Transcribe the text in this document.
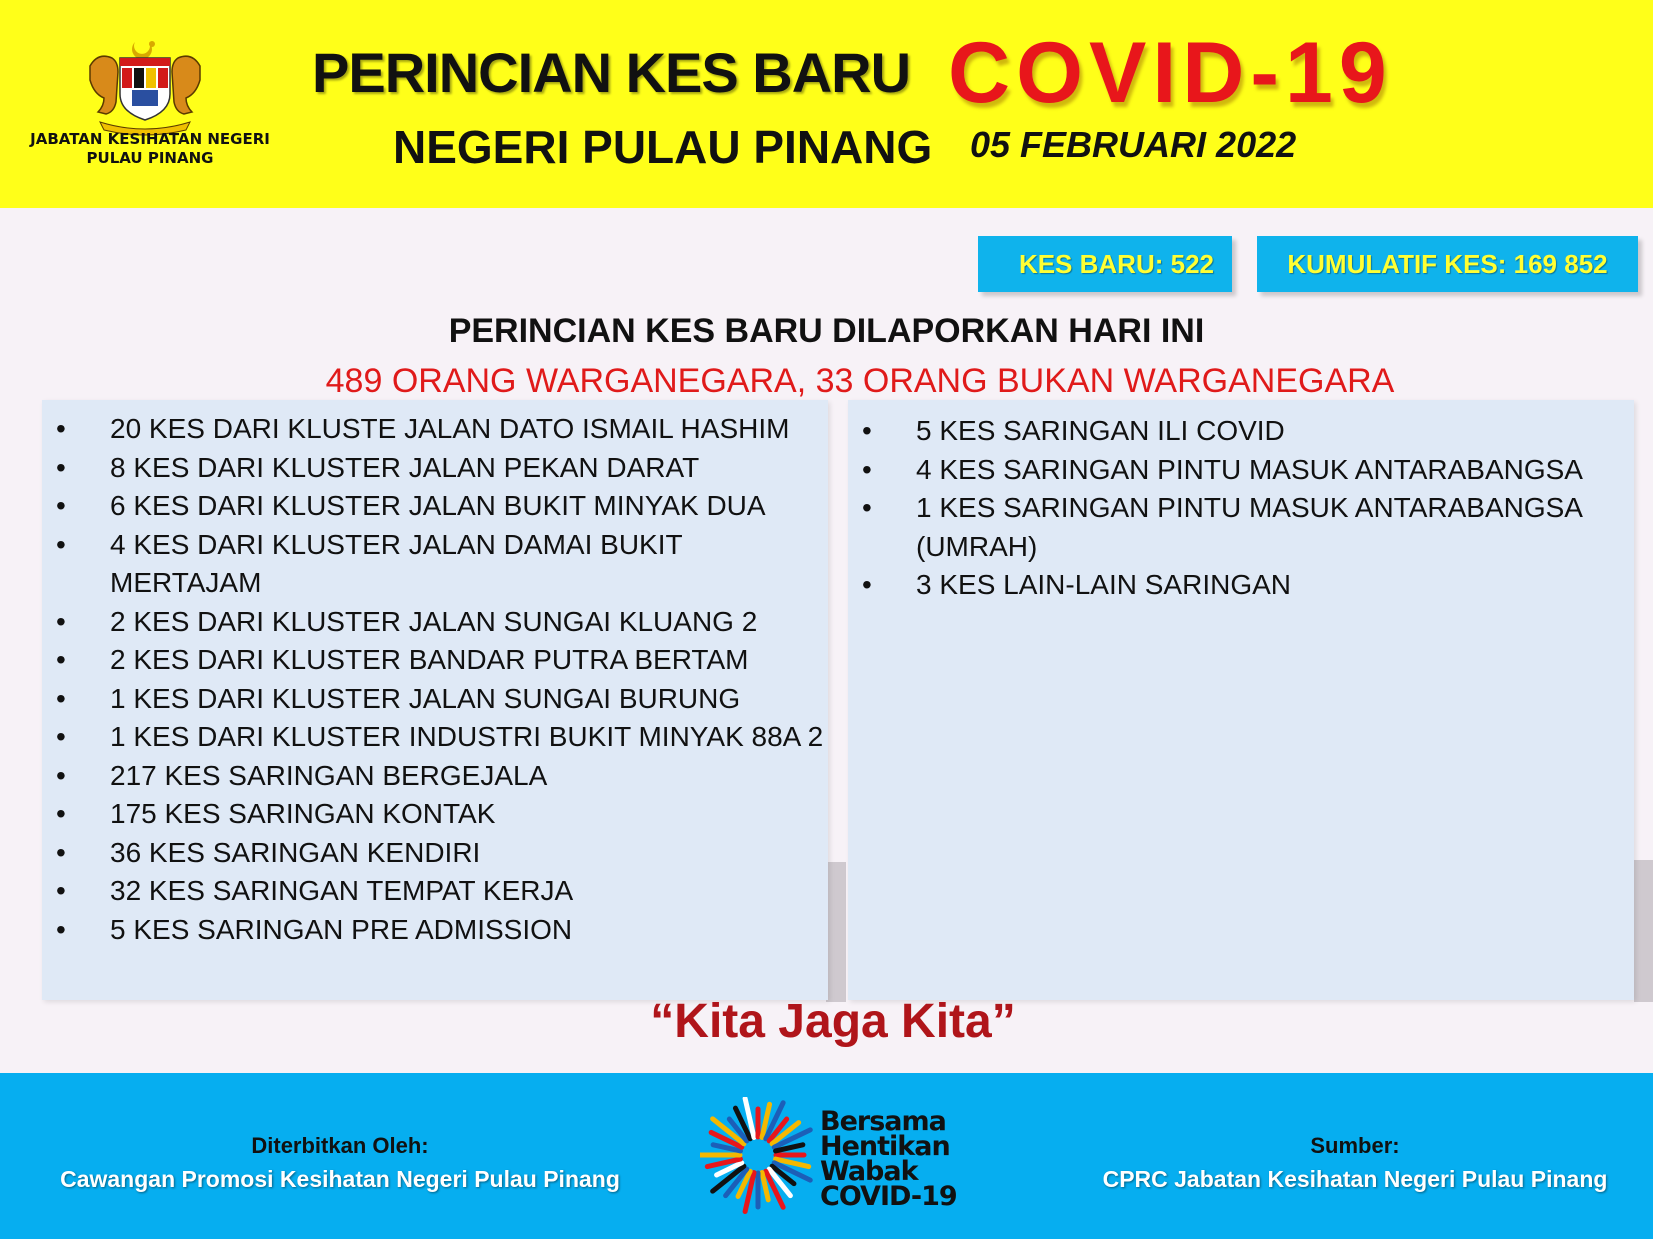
JABATAN KESIHATAN NEGERI
PULAU PINANG
PERINCIAN KES BARU COVID-19
NEGERI PULAU PINANG 05 FEBRUARI 2022
KES BARU: 522	KUMULATIF KES: 169 852
PERINCIAN KES BARU DILAPORKAN HARI INI
489 ORANG WARGANEGARA, 33 ORANG BUKAN WARGANEGARA
• 20 KES DARI KLUSTE JALAN DATO ISMAIL HASHIM
• 8 KES DARI KLUSTER JALAN PEKAN DARAT
• 6 KES DARI KLUSTER JALAN BUKIT MINYAK DUA
• 4 KES DARI KLUSTER JALAN DAMAI BUKIT MERTAJAM
• 2 KES DARI KLUSTER JALAN SUNGAI KLUANG 2
• 2 KES DARI KLUSTER BANDAR PUTRA BERTAM
• 1 KES DARI KLUSTER JALAN SUNGAI BURUNG
• 1 KES DARI KLUSTER INDUSTRI BUKIT MINYAK 88A 2
• 217 KES SARINGAN BERGEJALA
• 175 KES SARINGAN KONTAK
• 36 KES SARINGAN KENDIRI
• 32 KES SARINGAN TEMPAT KERJA
• 5 KES SARINGAN PRE ADMISSION
• 5 KES SARINGAN ILI COVID
• 4 KES SARINGAN PINTU MASUK ANTARABANGSA
• 1 KES SARINGAN PINTU MASUK ANTARABANGSA (UMRAH)
• 3 KES LAIN-LAIN SARINGAN
“Kita Jaga Kita”
Diterbitkan Oleh:
Cawangan Promosi Kesihatan Negeri Pulau Pinang
Bersama
Hentikan
Wabak
COVID-19
Sumber:
CPRC Jabatan Kesihatan Negeri Pulau Pinang
